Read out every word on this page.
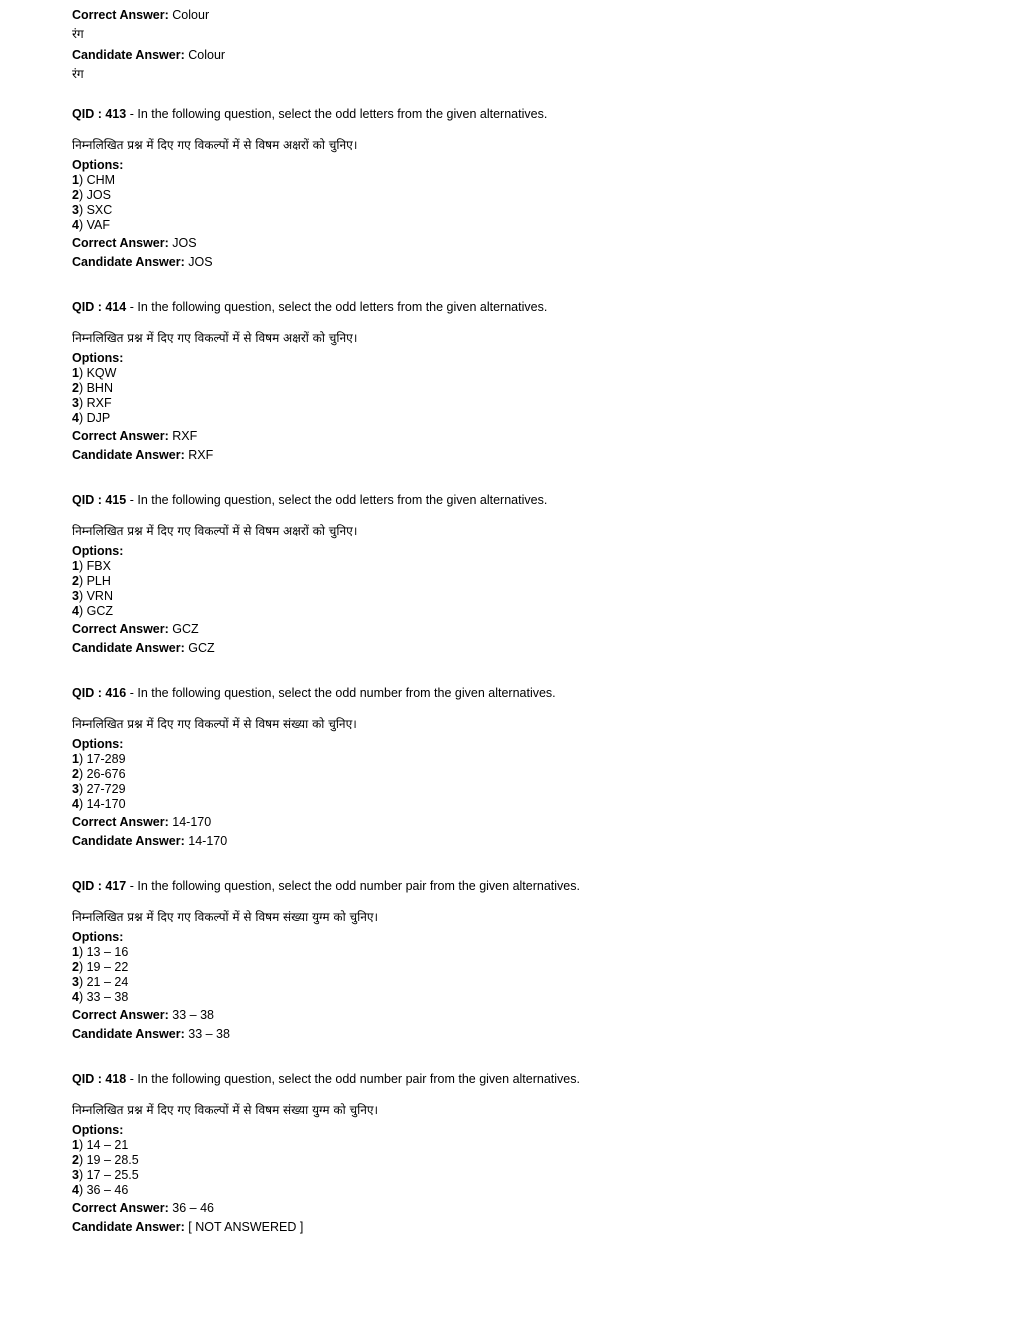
Correct Answer: Colour
रंग
Candidate Answer: Colour
रंग
QID : 413 - In the following question, select the odd letters from the given alternatives.
निम्नलिखित प्रश्न में दिए गए विकल्पों में से विषम अक्षरों को चुनिए।
Options:
1) CHM
2) JOS
3) SXC
4) VAF
Correct Answer: JOS
Candidate Answer: JOS
QID : 414 - In the following question, select the odd letters from the given alternatives.
निम्नलिखित प्रश्न में दिए गए विकल्पों में से विषम अक्षरों को चुनिए।
Options:
1) KQW
2) BHN
3) RXF
4) DJP
Correct Answer: RXF
Candidate Answer: RXF
QID : 415 - In the following question, select the odd letters from the given alternatives.
निम्नलिखित प्रश्न में दिए गए विकल्पों में से विषम अक्षरों को चुनिए।
Options:
1) FBX
2) PLH
3) VRN
4) GCZ
Correct Answer: GCZ
Candidate Answer: GCZ
QID : 416 - In the following question, select the odd number from the given alternatives.
निम्नलिखित प्रश्न में दिए गए विकल्पों में से विषम संख्या को चुनिए।
Options:
1) 17-289
2) 26-676
3) 27-729
4) 14-170
Correct Answer: 14-170
Candidate Answer: 14-170
QID : 417 - In the following question, select the odd number pair from the given alternatives.
निम्नलिखित प्रश्न में दिए गए विकल्पों में से विषम संख्या युग्म को चुनिए।
Options:
1) 13 – 16
2) 19 – 22
3) 21 – 24
4) 33 – 38
Correct Answer: 33 – 38
Candidate Answer: 33 – 38
QID : 418 - In the following question, select the odd number pair from the given alternatives.
निम्नलिखित प्रश्न में दिए गए विकल्पों में से विषम संख्या युग्म को चुनिए।
Options:
1) 14 – 21
2) 19 – 28.5
3) 17 – 25.5
4) 36 – 46
Correct Answer: 36 – 46
Candidate Answer: [ NOT ANSWERED ]
